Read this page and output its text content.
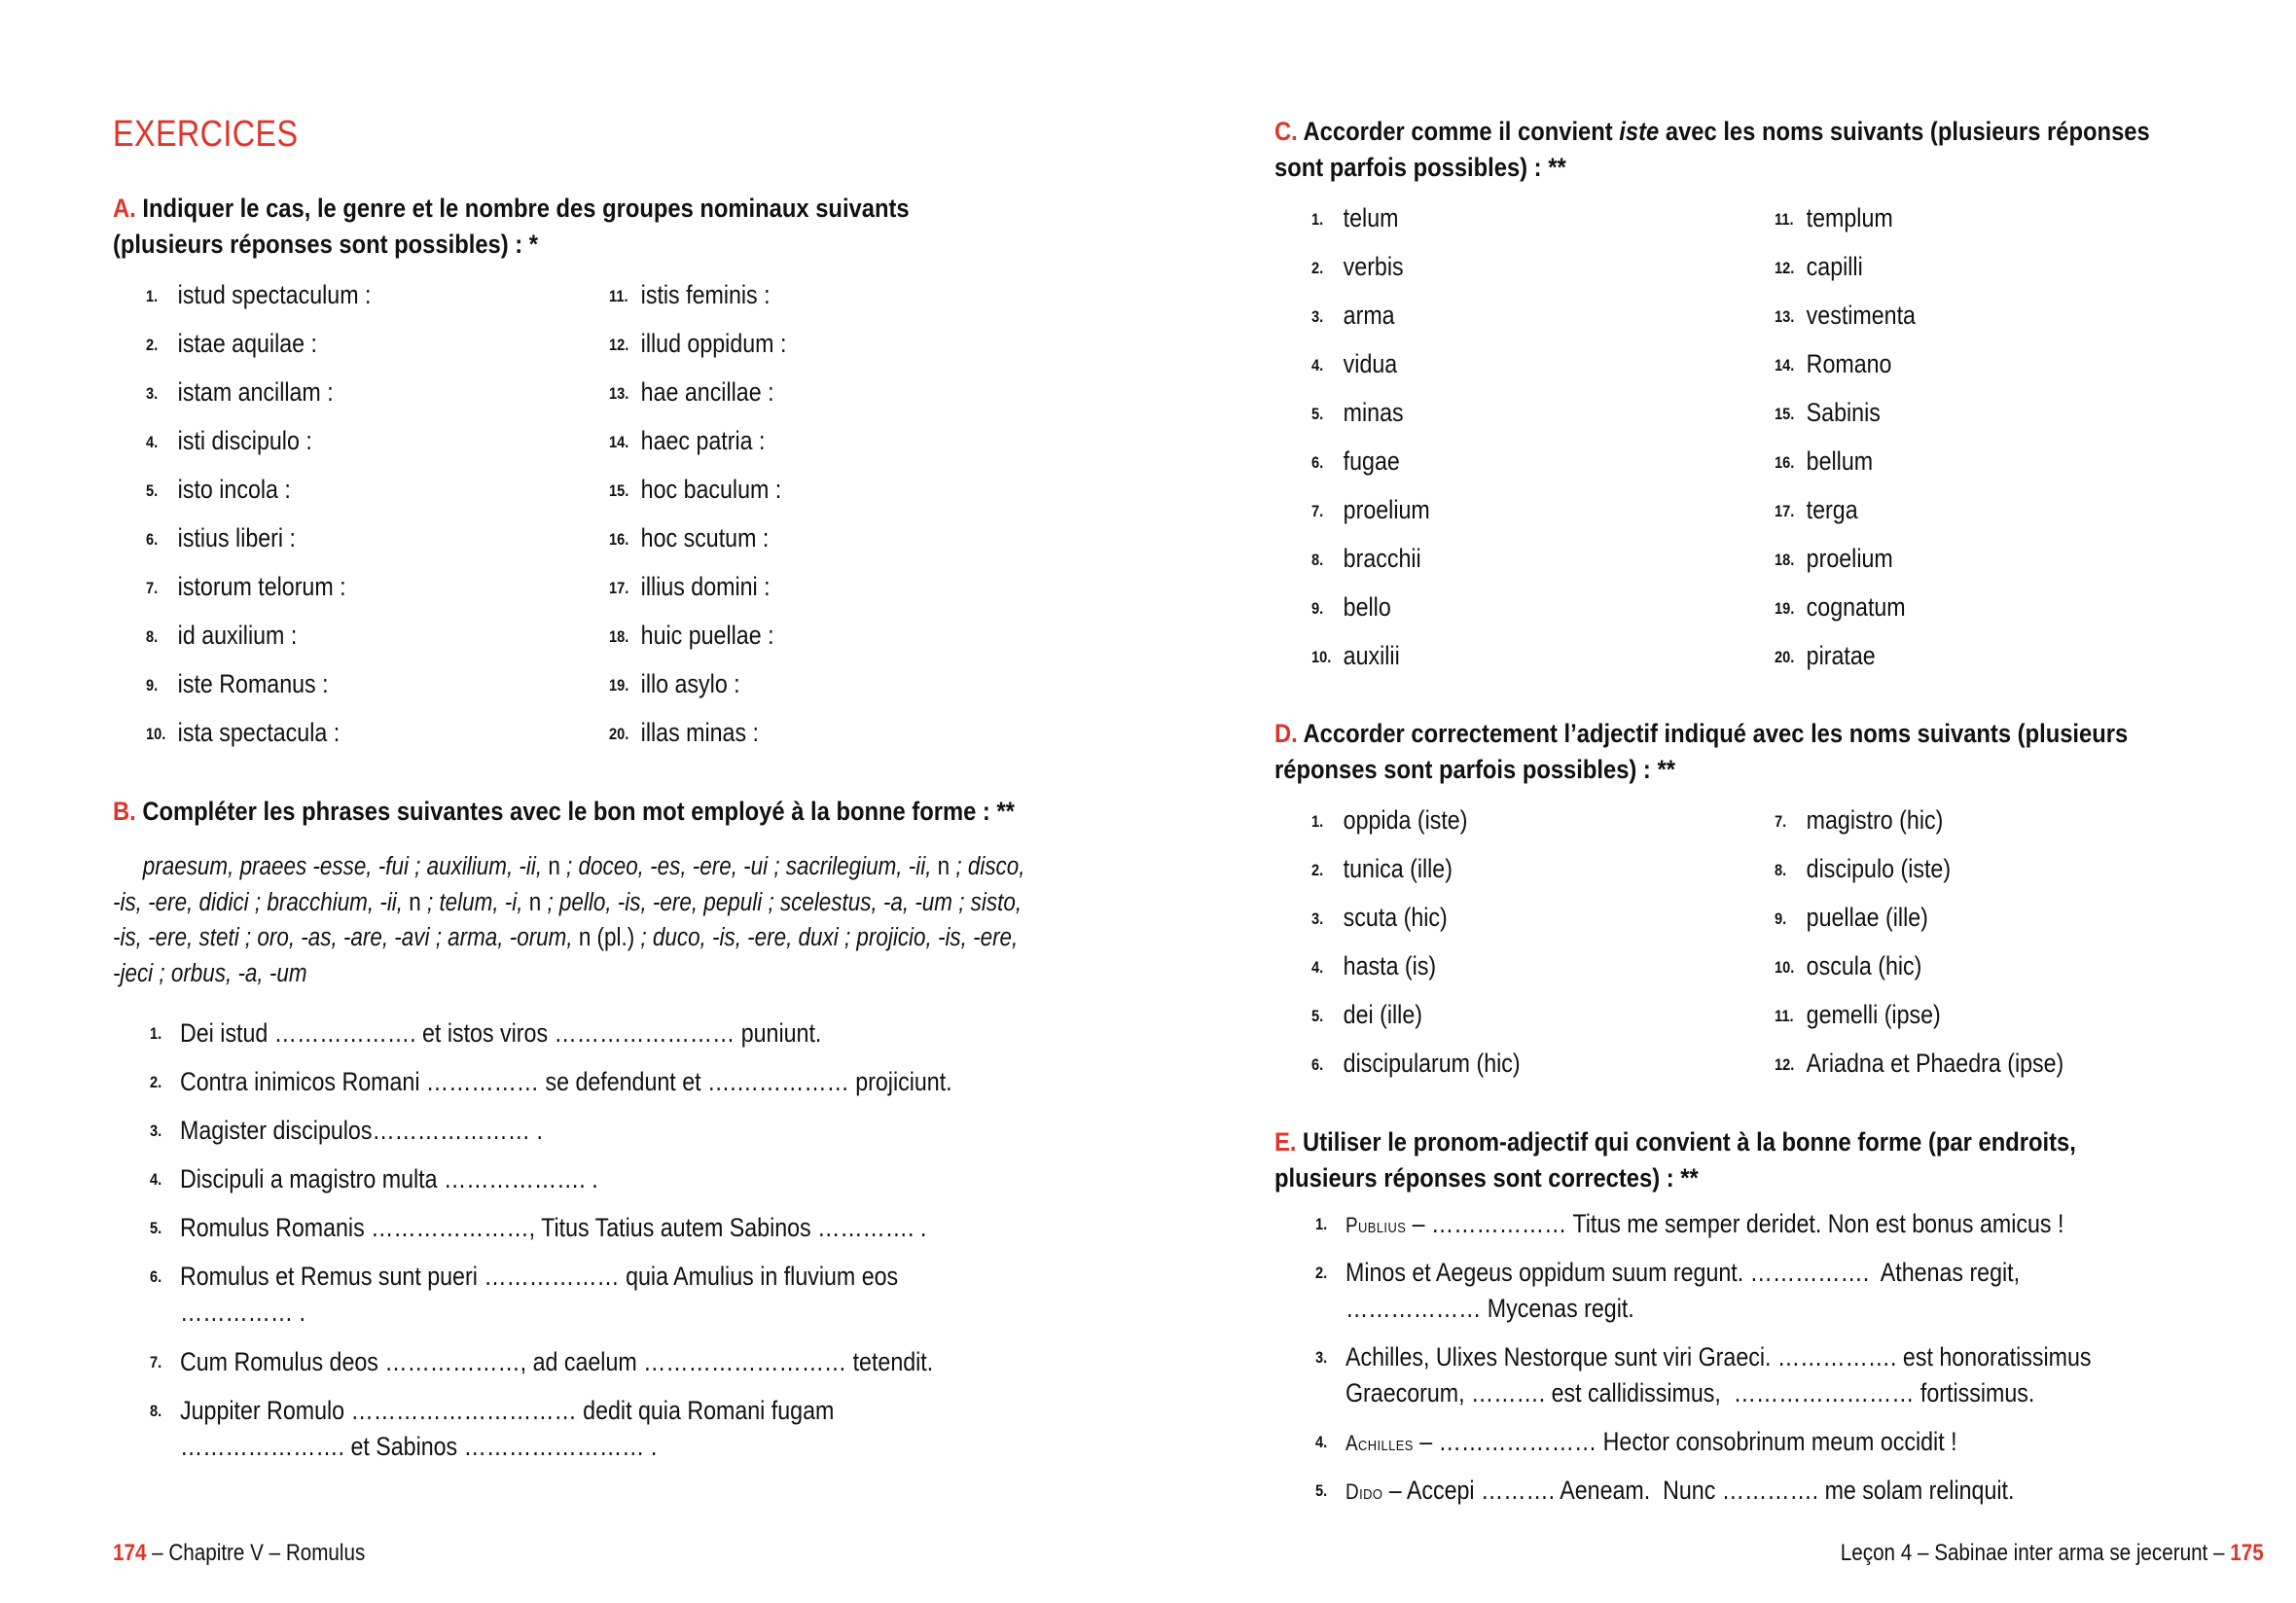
EXERCICES
A. Indiquer le cas, le genre et le nombre des groupes nominaux suivants
(plusieurs réponses sont possibles) : *
1. istud spectaculum :
2. istae aquilae :
3. istam ancillam :
4. isti discipulo :
5. isto incola :
6. istius liberi :
7. istorum telorum :
8. id auxilium :
9. iste Romanus :
10. ista spectacula :
11. istis feminis :
12. illud oppidum :
13. hae ancillae :
14. haec patria :
15. hoc baculum :
16. hoc scutum :
17. illius domini :
18. huic puellae :
19. illo asylo :
20. illas minas :
B. Compléter les phrases suivantes avec le bon mot employé à la bonne forme : **
praesum, praees -esse, -fui ; auxilium, -ii, n ; doceo, -es, -ere, -ui ; sacrilegium, -ii, n ; disco, -is, -ere, didici ; bracchium, -ii, n ; telum, -i, n ; pello, -is, -ere, pepuli ; scelestus, -a, -um ; sisto, -is, -ere, steti ; oro, -as, -are, -avi ; arma, -orum, n (pl.) ; duco, -is, -ere, duxi ; projicio, -is, -ere, -jeci ; orbus, -a, -um
1. Dei istud ………………. et istos viros …………………… puniunt.
2. Contra inimicos Romani …………… se defendunt et ….…………… projiciunt.
3. Magister discipulos………………… .
4. Discipuli a magistro multa ………………. .
5. Romulus Romanis …………………, Titus Tatius autem Sabinos …………. .
6. Romulus et Remus sunt pueri ……………… quia Amulius in fluvium eos
…………… .
7. Cum Romulus deos ………………, ad caelum ……………………… tetendit.
8. Juppiter Romulo ………………………… dedit quia Romani fugam
…………………. et Sabinos …………………… .
174 – Chapitre V – Romulus
C. Accorder comme il convient iste avec les noms suivants (plusieurs réponses
sont parfois possibles) : **
1. telum
2. verbis
3. arma
4. vidua
5. minas
6. fugae
7. proelium
8. bracchii
9. bello
10. auxilii
11. templum
12. capilli
13. vestimenta
14. Romano
15. Sabinis
16. bellum
17. terga
18. proelium
19. cognatum
20. piratae
D. Accorder correctement l’adjectif indiqué avec les noms suivants (plusieurs
réponses sont parfois possibles) : **
1. oppida (iste)
2. tunica (ille)
3. scuta (hic)
4. hasta (is)
5. dei (ille)
6. discipularum (hic)
7. magistro (hic)
8. discipulo (iste)
9. puellae (ille)
10. oscula (hic)
11. gemelli (ipse)
12. Ariadna et Phaedra (ipse)
E. Utiliser le pronom-adjectif qui convient à la bonne forme (par endroits,
plusieurs réponses sont correctes) : **
1. Publius – ……………… Titus me semper deridet. Non est bonus amicus !
2. Minos et Aegeus oppidum suum regunt. …………….  Athenas regit,
……………… Mycenas regit.
3. Achilles, Ulixes Nestorque sunt viri Graeci. ……………. est honoratissimus
Graecorum, ………. est callidissimus,  …………………… fortissimus.
4. Achilles – ………………… Hector consobrinum meum occidit !
5. Dido – Accepi ………. Aeneam.  Nunc …………. me solam relinquit.
Leçon 4 – Sabinae inter arma se jecerunt – 175
